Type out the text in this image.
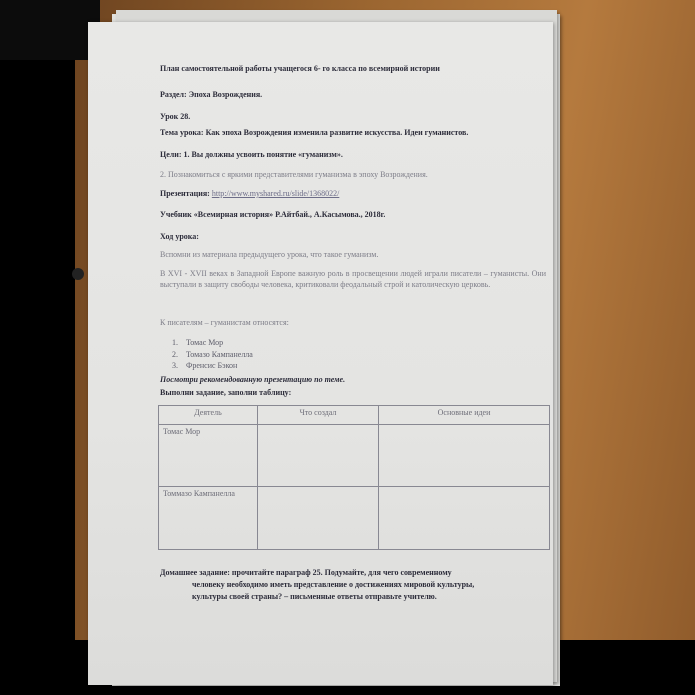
План самостоятельной работы учащегося 6- го класса по всемирной истории
Раздел: Эпоха Возрождения.
Урок 28.
Тема урока: Как эпоха Возрождения изменила развитие искусства. Идеи гуманистов.
Цели: 1. Вы должны усвоить понятие «гуманизм».
2. Познакомиться с яркими представителями гуманизма в эпоху Возрождения.
Презентация: http://www.myshared.ru/slide/1368022/
Учебник «Всемирная история» Р.Айтбай., А.Касымова., 2018г.
Ход урока:
Вспомни из материала предыдущего урока, что такое гуманизм.
В XVI - XVII веках в Западной Европе важную роль в просвещении людей играли писатели – гуманисты. Они выступали в защиту свободы человека, критиковали феодальный строй и католическую церковь.
К писателям – гуманистам относятся:
1. Томас Мор
2. Томазо Кампанелла
3. Френсис Бэкон
Посмотри рекомендованную презентацию по теме.
Выполни задание, заполни таблицу:
Деятель	Что создал	Основные идеи
Томас Мор		
Томмазо Кампанелла		
Домашнее задание: прочитайте параграф 25. Подумайте, для чего современному
человеку необходимо иметь представление о достижениях мировой культуры,
культуры своей страны? – письменные ответы отправьте учителю.
